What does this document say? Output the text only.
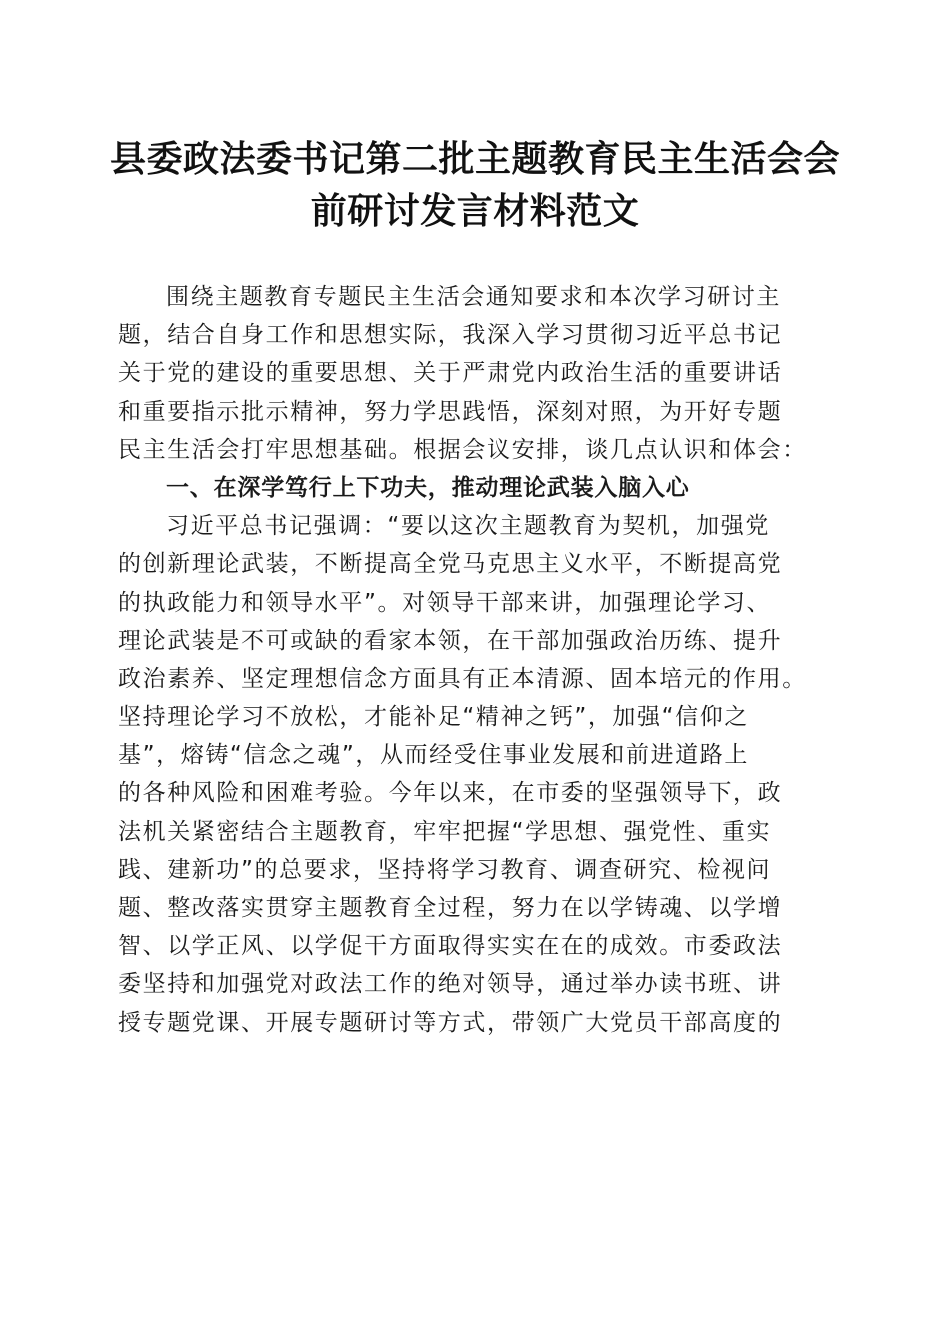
县委政法委书记第二批主题教育民主生活会会
前研讨发言材料范文
围绕主题教育专题民主生活会通知要求和本次学习研讨主
题，结合自身工作和思想实际，我深入学习贯彻习近平总书记
关于党的建设的重要思想、关于严肃党内政治生活的重要讲话
和重要指示批示精神，努力学思践悟，深刻对照，为开好专题
民主生活会打牢思想基础。根据会议安排，谈几点认识和体会：
一、在深学笃行上下功夫，推动理论武装入脑入心
习近平总书记强调：“要以这次主题教育为契机，加强党
的创新理论武装，不断提高全党马克思主义水平，不断提高党
的执政能力和领导水平”。对领导干部来讲，加强理论学习、
理论武装是不可或缺的看家本领，在干部加强政治历练、提升
政治素养、坚定理想信念方面具有正本清源、固本培元的作用。
坚持理论学习不放松，才能补足“精神之钙”，加强“信仰之
基”，熔铸“信念之魂”，从而经受住事业发展和前进道路上
的各种风险和困难考验。今年以来，在市委的坚强领导下，政
法机关紧密结合主题教育，牢牢把握“学思想、强党性、重实
践、建新功”的总要求，坚持将学习教育、调查研究、检视问
题、整改落实贯穿主题教育全过程，努力在以学铸魂、以学增
智、以学正风、以学促干方面取得实实在在的成效。市委政法
委坚持和加强党对政法工作的绝对领导，通过举办读书班、讲
授专题党课、开展专题研讨等方式，带领广大党员干部高度的
